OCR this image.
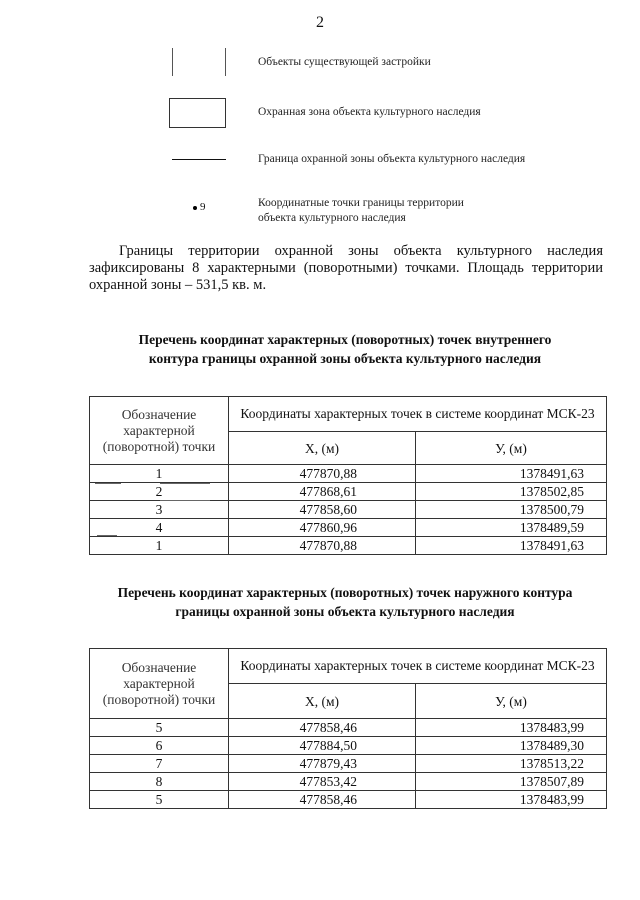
2
Объекты существующей застройки
Охранная зона объекта культурного наследия
Граница охранной зоны объекта культурного наследия
9	Координатные точки границы территории
объекта культурного наследия
Границы территории охранной зоны объекта культурного наследия
зафиксированы 8 характерными (поворотными) точками. Площадь территории охранной зоны – 531,5 кв. м.
Перечень координат характерных (поворотных) точек внутреннего
контура границы охранной зоны объекта культурного наследия
Обозначение характерной (поворотной) точки	Координаты характерных точек в системе координат МСК-23	
	X, (м)	У, (м)
1	477870,88	1378491,63
2	477868,61	1378502,85
3	477858,60	1378500,79
4	477860,96	1378489,59
1	477870,88	1378491,63
Перечень координат характерных (поворотных) точек наружного контура
границы охранной зоны объекта культурного наследия
Обозначение характерной (поворотной) точки	Координаты характерных точек в системе координат МСК-23	
	X, (м)	У, (м)
5	477858,46	1378483,99
6	477884,50	1378489,30
7	477879,43	1378513,22
8	477853,42	1378507,89
5	477858,46	1378483,99
